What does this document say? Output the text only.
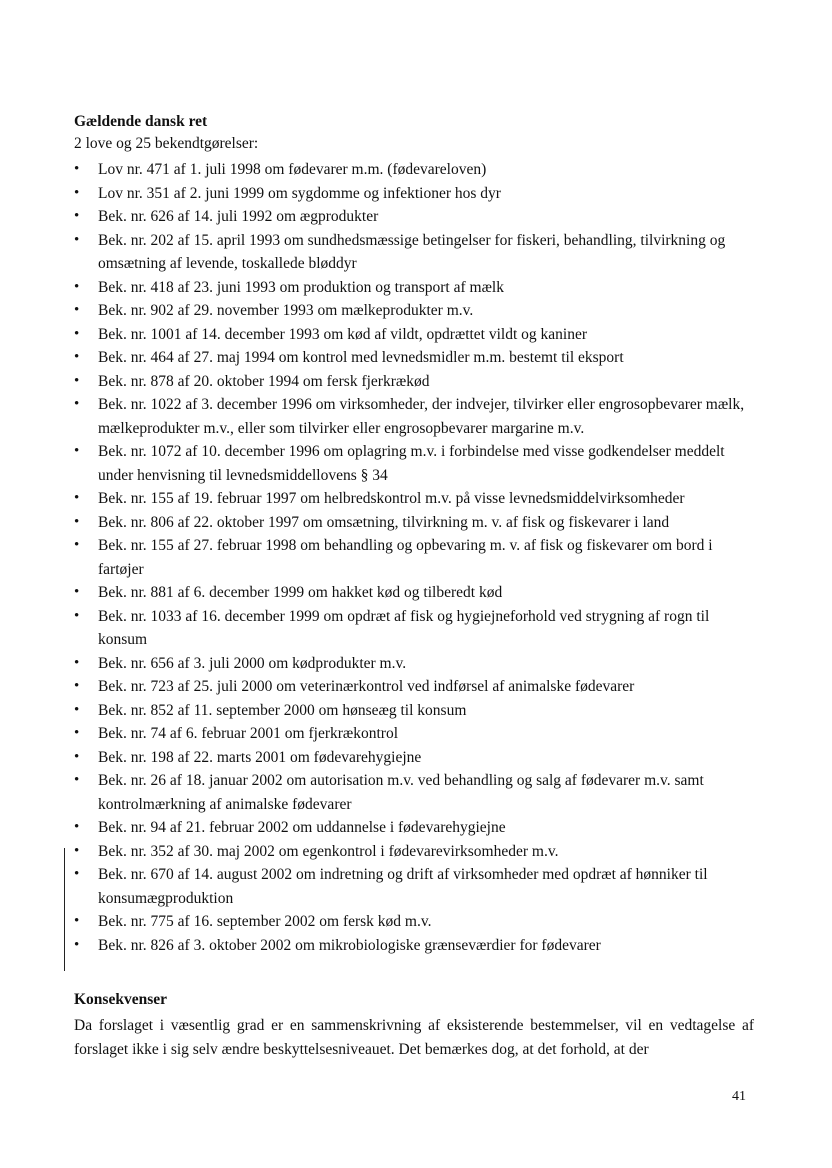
Gældende dansk ret

2 love og 25 bekendtgørelser:

• Lov nr. 471 af 1. juli 1998 om fødevarer m.m. (fødevareloven)
• Lov nr. 351 af 2. juni 1999 om sygdomme og infektioner hos dyr
• Bek. nr. 626 af 14. juli 1992 om ægprodukter
• Bek. nr. 202 af 15. april 1993 om sundhedsmæssige betingelser for fiskeri, behandling, tilvirkning og omsætning af levende, toskallede bløddyr
• Bek. nr. 418 af 23. juni 1993 om produktion og transport af mælk
• Bek. nr. 902 af 29. november 1993 om mælkeprodukter m.v.
• Bek. nr. 1001 af 14. december 1993 om kød af vildt, opdrættet vildt og kaniner
• Bek. nr. 464 af 27. maj 1994 om kontrol med levnedsmidler m.m. bestemt til eksport
• Bek. nr. 878 af 20. oktober 1994 om fersk fjerkrækød
• Bek. nr. 1022 af 3. december 1996 om virksomheder, der indvejer, tilvirker eller engrosopbevarer mælk, mælkeprodukter m.v., eller som tilvirker eller engrosopbevarer margarine m.v.
• Bek. nr. 1072 af 10. december 1996 om oplagring m.v. i forbindelse med visse godkendelser meddelt under henvisning til levnedsmiddellovens § 34
• Bek. nr. 155 af 19. februar 1997 om helbredskontrol m.v. på visse levnedsmiddelvirksomheder
• Bek. nr. 806 af 22. oktober 1997 om omsætning, tilvirkning m. v. af fisk og fiskevarer i land
• Bek. nr. 155 af 27. februar 1998 om behandling og opbevaring m. v. af fisk og fiskevarer om bord i fartøjer
• Bek. nr. 881 af 6. december 1999 om hakket kød og tilberedt kød
• Bek. nr. 1033 af 16. december 1999 om opdræt af fisk og hygiejneforhold ved strygning af rogn til konsum
• Bek. nr. 656 af 3. juli 2000 om kødprodukter m.v.
• Bek. nr. 723 af 25. juli 2000 om veterinærkontrol ved indførsel af animalske fødevarer
• Bek. nr. 852 af 11. september 2000 om hønseæg til konsum
• Bek. nr. 74 af 6. februar 2001 om fjerkrækontrol
• Bek. nr. 198 af 22. marts 2001 om fødevarehygiejne
• Bek. nr. 26 af 18. januar 2002 om autorisation m.v. ved behandling og salg af fødevarer m.v. samt kontrolmærkning af animalske fødevarer
• Bek. nr. 94 af 21. februar 2002 om uddannelse i fødevarehygiejne
• Bek. nr. 352 af 30. maj 2002 om egenkontrol i fødevarevirksomheder m.v.
• Bek. nr. 670 af 14. august 2002 om indretning og drift af virksomheder med opdræt af hønniker til konsumægproduktion
• Bek. nr. 775 af 16. september 2002 om fersk kød m.v.
• Bek. nr. 826 af 3. oktober 2002 om mikrobiologiske grænseværdier for fødevarer
Konsekvenser

Da forslaget i væsentlig grad er en sammenskrivning af eksisterende bestemmelser, vil en vedtagelse af forslaget ikke i sig selv ændre beskyttelsesniveauet. Det bemærkes dog, at det forhold, at der

41
